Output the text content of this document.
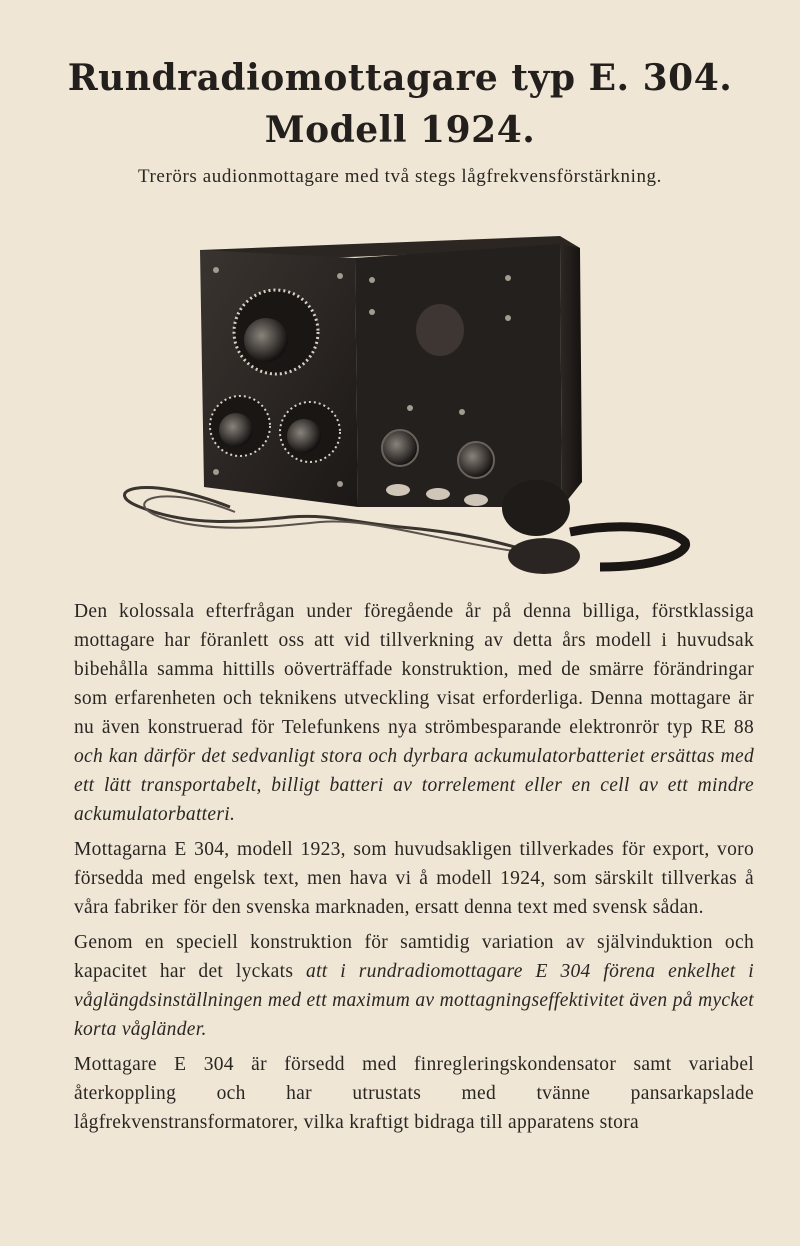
Rundradiomottagare typ E. 304.
Modell 1924.
Trerörs audionmottagare med två stegs lågfrekvensförstärkning.

Den kolossala efterfrågan under föregående år på denna billiga, förstklassiga mottagare har föranlett oss att vid tillverkning av detta års modell i huvudsak bibehålla samma hittills oöverträffade konstruktion, med de smärre förändringar som erfarenheten och teknikens utveckling visat erforderliga. Denna mottagare är nu även konstruerad för Telefunkens nya strömbesparande elektronrör typ RE 88 och kan därför det sedvanligt stora och dyrbara ackumulatorbatteriet ersättas med ett lätt transportabelt, billigt batteri av torrelement eller en cell av ett mindre ackumulatorbatteri.

Mottagarna E 304, modell 1923, som huvudsakligen tillverkades för export, voro försedda med engelsk text, men hava vi å modell 1924, som särskilt tillverkas å våra fabriker för den svenska marknaden, ersatt denna text med svensk sådan.

Genom en speciell konstruktion för samtidig variation av självinduktion och kapacitet har det lyckats att i rundradiomottagare E 304 förena enkelhet i våglängdsinställningen med ett maximum av mottagningseffektivitet även på mycket korta vågländer.

Mottagare E 304 är försedd med finregleringskondensator samt variabel återkoppling och har utrustats med tvänne pansarkapslade lågfrekvenstransformatorer, vilka kraftigt bidraga till apparatens stora
